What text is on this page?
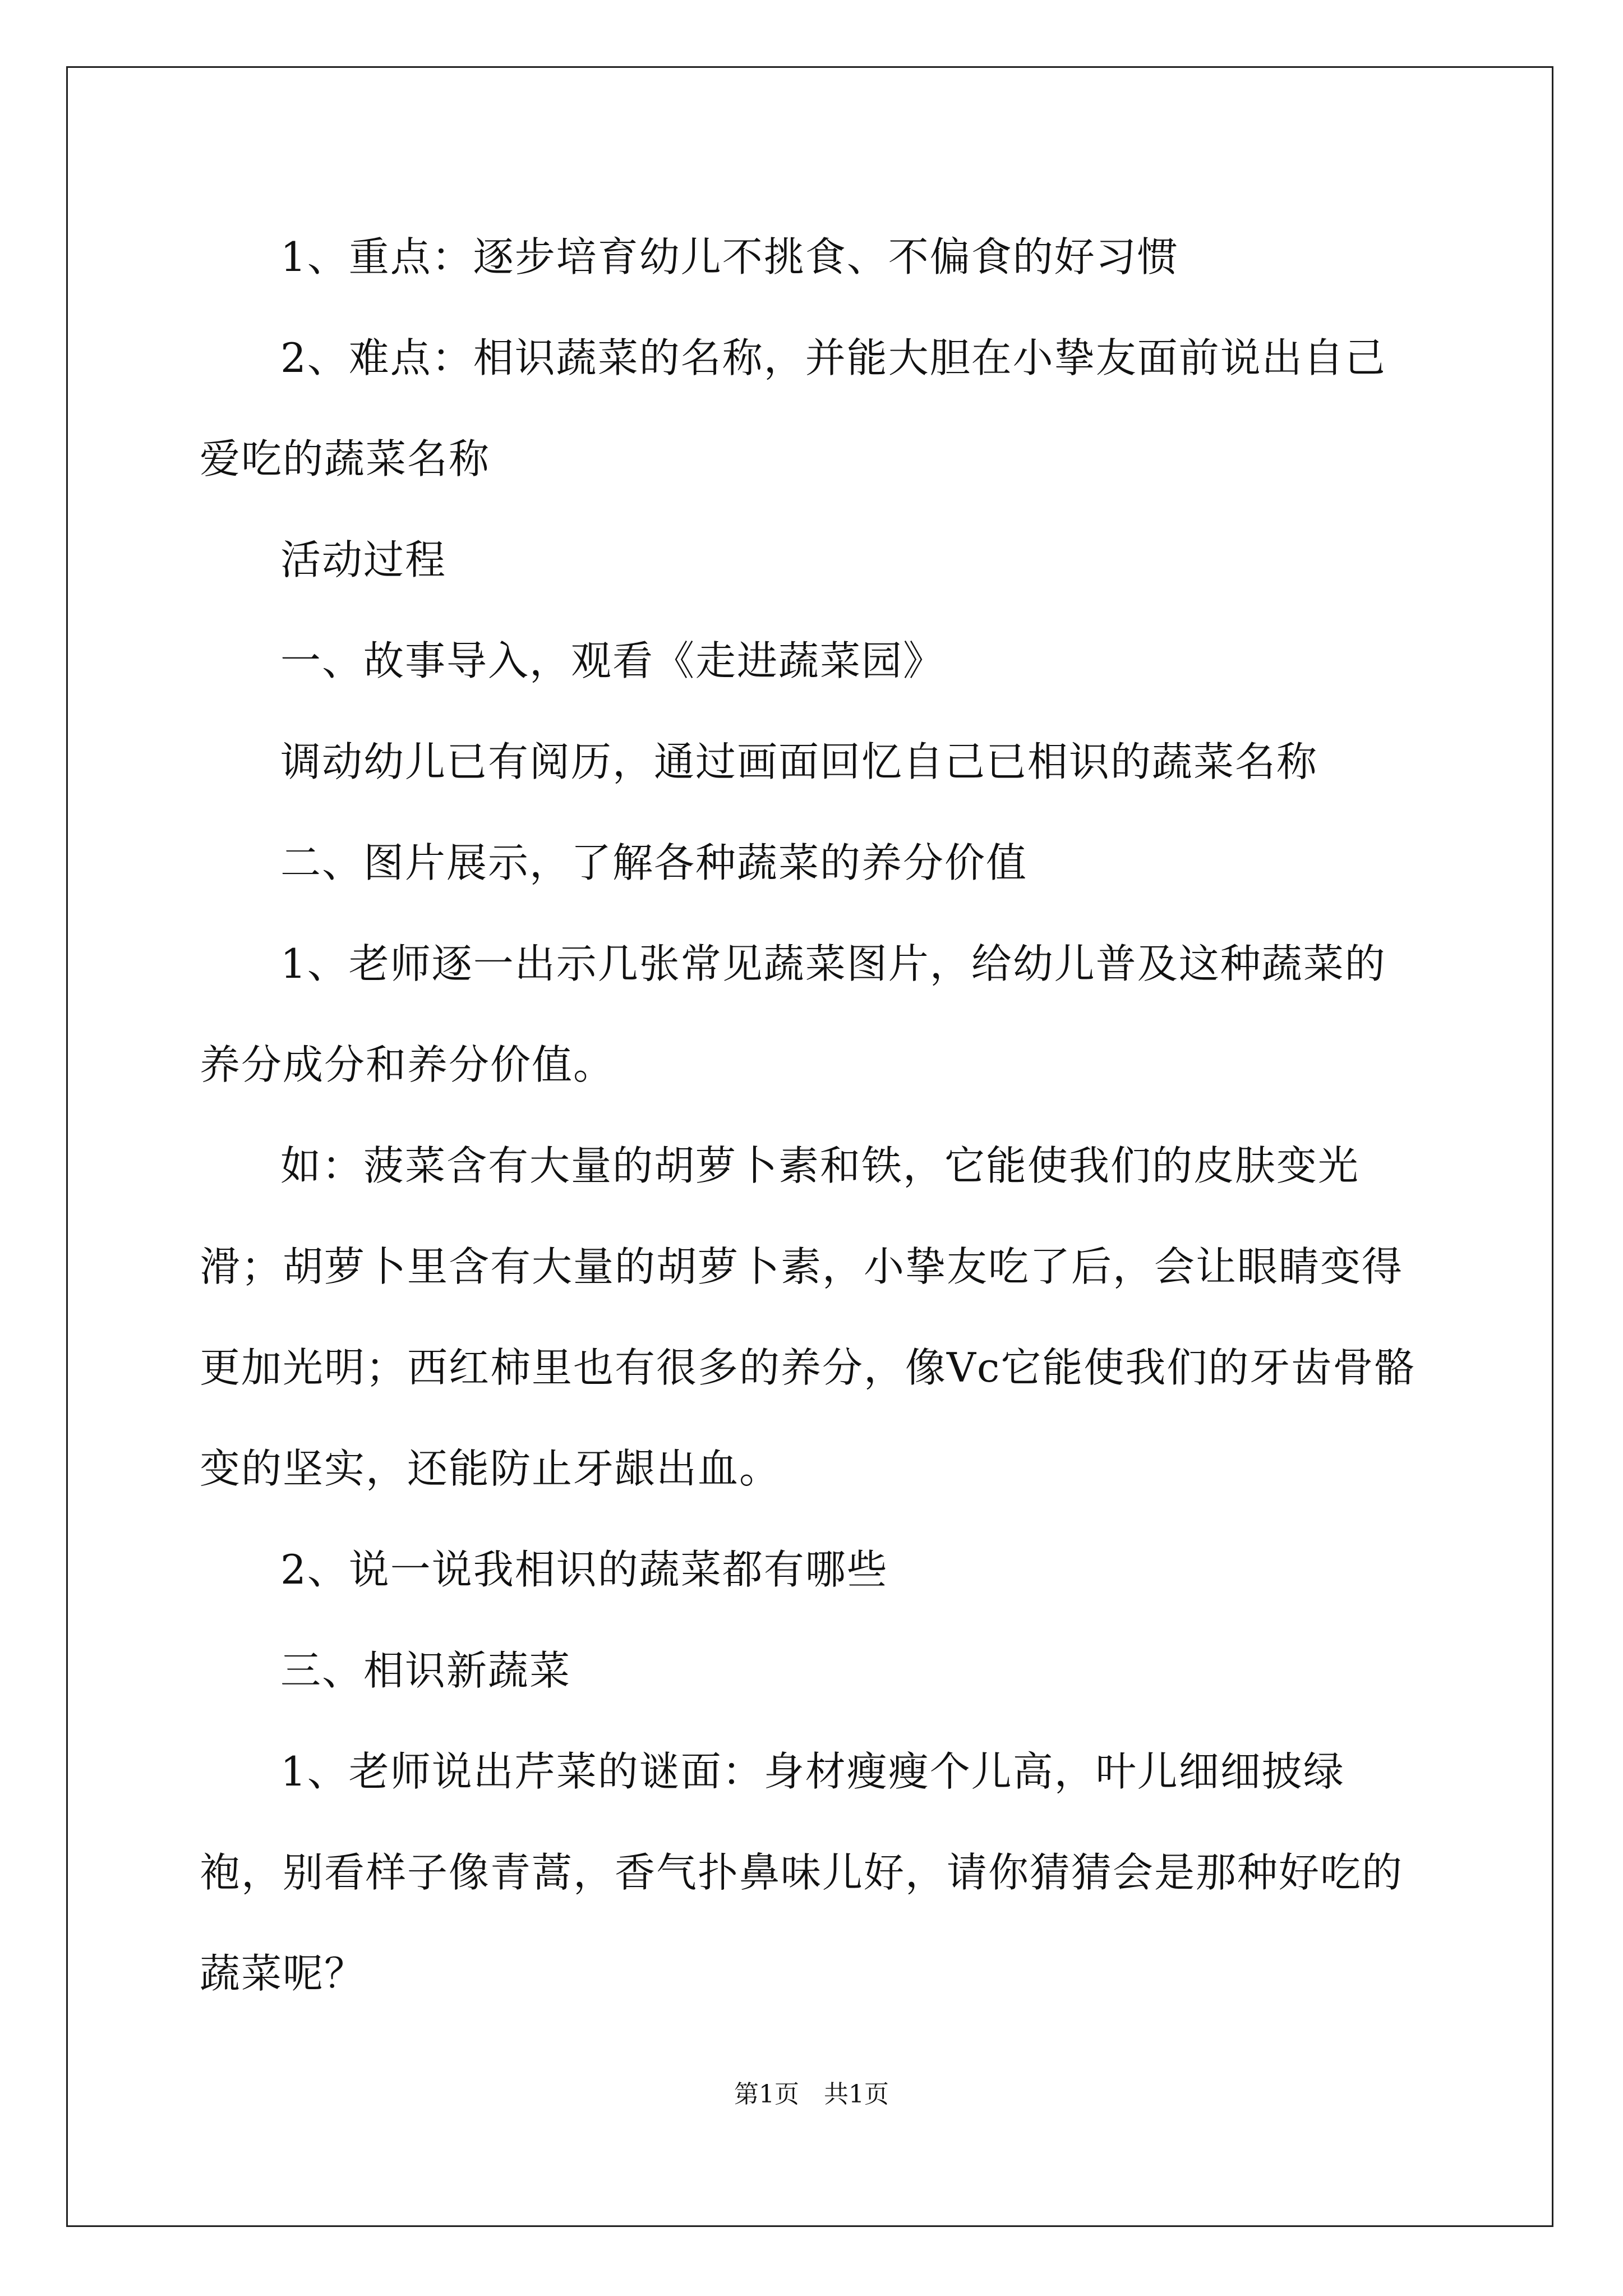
1、重点：逐步培育幼儿不挑食、不偏食的好习惯

2、难点：相识蔬菜的名称，并能大胆在小挚友面前说出自己爱吃的蔬菜名称

活动过程

一、故事导入，观看《走进蔬菜园》

调动幼儿已有阅历，通过画面回忆自己已相识的蔬菜名称

二、图片展示，了解各种蔬菜的养分价值

1、老师逐一出示几张常见蔬菜图片，给幼儿普及这种蔬菜的养分成分和养分价值。

如：菠菜含有大量的胡萝卜素和铁，它能使我们的皮肤变光滑；胡萝卜里含有大量的胡萝卜素，小挚友吃了后，会让眼睛变得更加光明；西红柿里也有很多的养分，像Vc它能使我们的牙齿骨骼变的坚实，还能防止牙龈出血。

2、说一说我相识的蔬菜都有哪些

三、相识新蔬菜

1、老师说出芹菜的谜面：身材瘦瘦个儿高，叶儿细细披绿袍，别看样子像青蒿，香气扑鼻味儿好，请你猜猜会是那种好吃的蔬菜呢？

第1页　共1页
